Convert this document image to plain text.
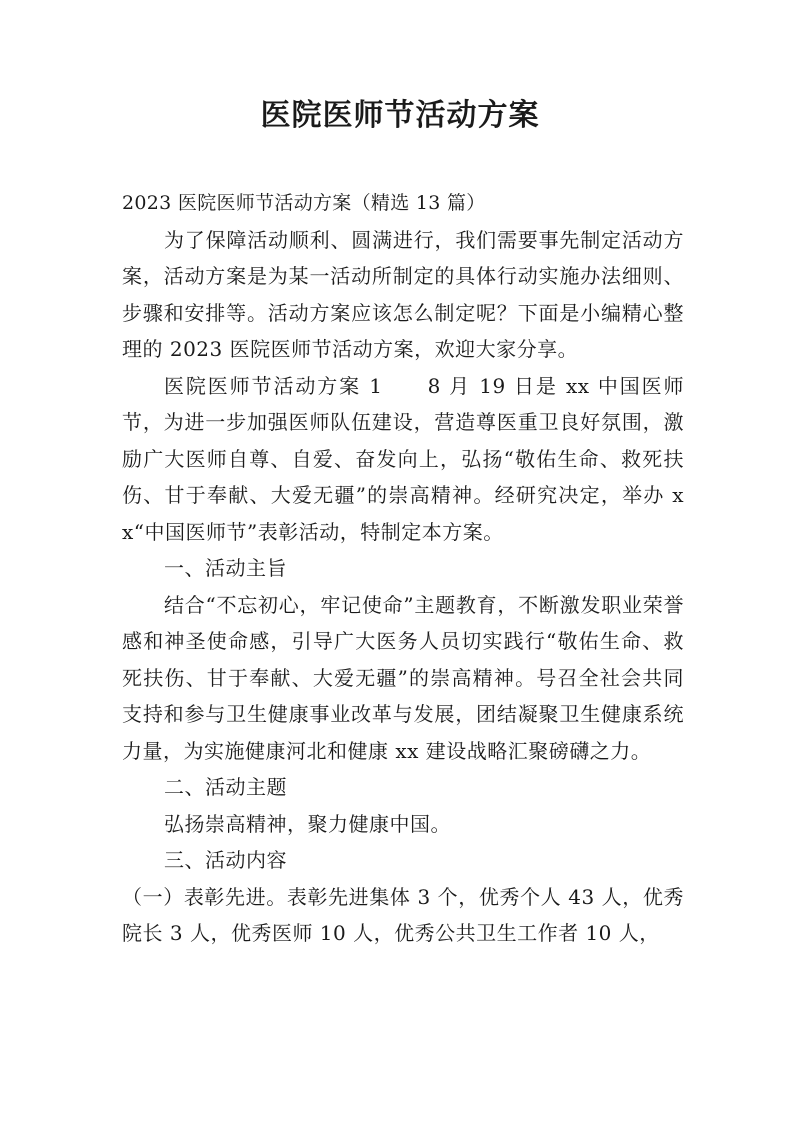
医院医师节活动方案

2023 医院医师节活动方案（精选 13 篇）

为了保障活动顺利、圆满进行，我们需要事先制定活动方案，活动方案是为某一活动所制定的具体行动实施办法细则、步骤和安排等。活动方案应该怎么制定呢？下面是小编精心整理的 2023 医院医师节活动方案，欢迎大家分享。

医院医师节活动方案 1　　8 月 19 日是 xx 中国医师节，为进一步加强医师队伍建设，营造尊医重卫良好氛围，激励广大医师自尊、自爱、奋发向上，弘扬“敬佑生命、救死扶伤、甘于奉献、大爱无疆”的崇高精神。经研究决定，举办 xx“中国医师节”表彰活动，特制定本方案。

一、活动主旨

结合“不忘初心，牢记使命”主题教育，不断激发职业荣誉感和神圣使命感，引导广大医务人员切实践行“敬佑生命、救死扶伤、甘于奉献、大爱无疆”的崇高精神。号召全社会共同支持和参与卫生健康事业改革与发展，团结凝聚卫生健康系统力量，为实施健康河北和健康 xx 建设战略汇聚磅礴之力。

二、活动主题

弘扬崇高精神，聚力健康中国。

三、活动内容

（一）表彰先进。表彰先进集体 3 个，优秀个人 43 人，优秀院长 3 人，优秀医师 10 人，优秀公共卫生工作者 10 人，
